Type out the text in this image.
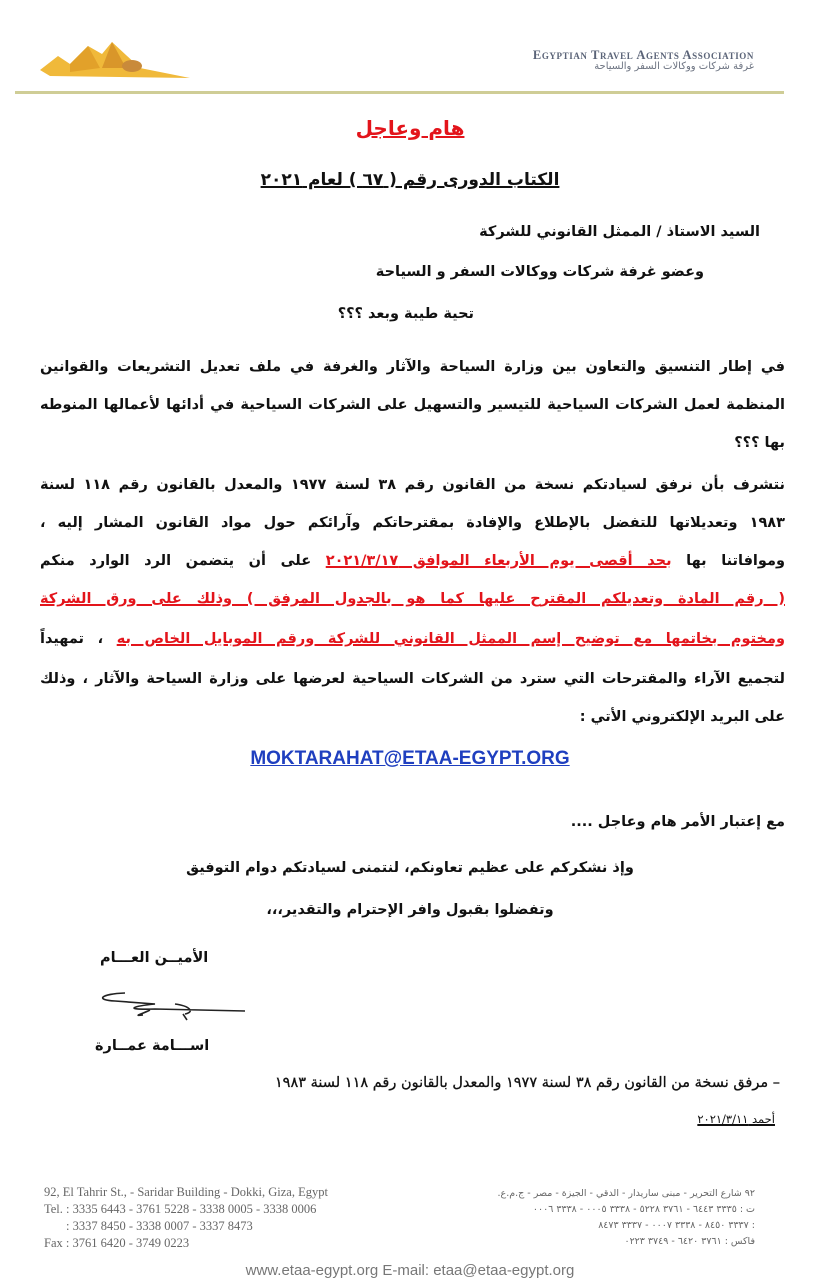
Egyptian Travel Agents Association
غرفة شركات ووكالات السفر والسياحة
هام وعاجل
الكتاب الدورى رقم ( ٦٧ ) لعام ٢٠٢١
السيد الاستاذ / الممثل القانوني للشركة
وعضو غرفة شركات ووكالات السفر و السياحة
تحية طيبة وبعد ؟؟؟
في إطار التنسيق والتعاون بين وزارة السياحة والآثار والغرفة في ملف تعديل التشريعات والقوانين
المنظمة لعمل الشركات السياحية للتيسير والتسهيل على الشركات السياحية في أدائها لأعمالها المنوطه
بها ؟؟؟
نتشرف بأن نرفق لسيادتكم نسخة من القانون رقم ٣٨ لسنة ١٩٧٧ والمعدل بالقانون رقم ١١٨ لسنة
١٩٨٣ وتعديلاتها للتفضل بالإطلاع والإفادة بمقترحاتكم وآرائكم حول مواد القانون المشار إليه ،
وموافاتنا بها بحد أقصى يوم الأربعاء الموافق ٢٠٢١/٣/١٧ على أن يتضمن الرد الوارد منكم
( رقم المادة وتعديلكم المقترح عليها كما هو بالجدول المرفق ) وذلك على ورق الشركة
ومختوم بخاتمها مع توضيح إسم الممثل القانوني للشركة ورقم الموبايل الخاص به ، تمهيداً
لتجميع الآراء والمقترحات التي سترد من الشركات السياحية لعرضها على وزارة السياحة والآثار ، وذلك
على البريد الإلكتروني الأتي :
MOKTARAHAT@ETAA-EGYPT.ORG
مع إعتبار الأمر هام وعاجل ....
وإذ نشكركم على عظيم تعاونكم، لنتمنى لسيادتكم دوام التوفيق
وتفضلوا بقبول وافر الإحترام والتقدير،،،
الأميــن العـــام
اســـامة عمــارة
– مرفق نسخة من القانون رقم ٣٨ لسنة ١٩٧٧ والمعدل بالقانون رقم ١١٨ لسنة ١٩٨٣
أحمد ٢٠٢١/٣/١١
92, El Tahrir St., - Saridar Building - Dokki, Giza, Egypt
Tel. : 3335 6443 - 3761 5228 - 3338 0005 - 3338 0006
: 3337 8450 - 3338 0007 - 3337 8473
Fax : 3761 6420 - 3749 0223
٩٢ شارع التحرير - مبنى ساريدار - الدقي - الجيزة - مصر - ج.م.ع.
ت : ٣٣٣٥ ٦٤٤٣ - ٣٧٦١ ٥٢٢٨ - ٣٣٣٨ ٠٠٠٥ - ٣٣٣٨ ٠٠٠٦
: ٣٣٣٧ ٨٤٥٠ - ٣٣٣٨ ٠٠٠٧ - ٣٣٣٧ ٨٤٧٣
فاكس : ٣٧٦١ ٦٤٢٠ - ٣٧٤٩ ٠٢٢٣
www.etaa-egypt.org E-mail: etaa@etaa-egypt.org
